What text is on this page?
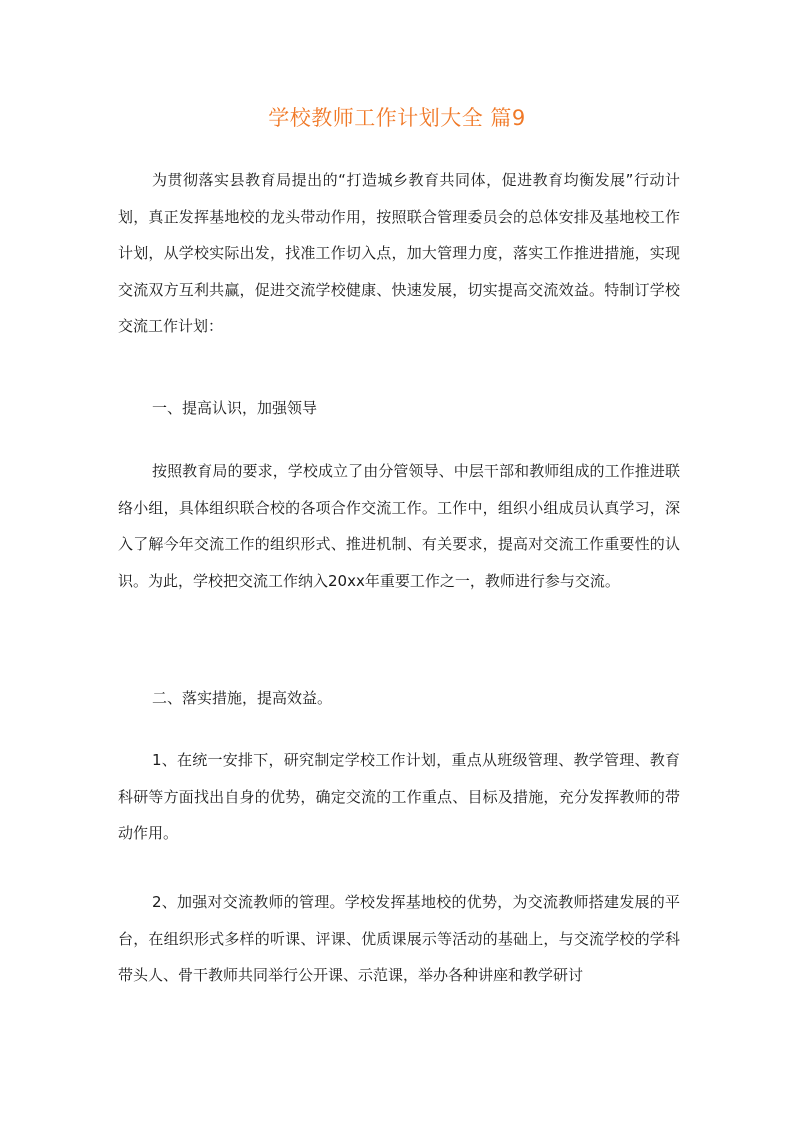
学校教师工作计划大全 篇9
为贯彻落实县教育局提出的“打造城乡教育共同体，促进教育均衡发展”行动计划，真正发挥基地校的龙头带动作用，按照联合管理委员会的总体安排及基地校工作计划，从学校实际出发，找准工作切入点，加大管理力度，落实工作推进措施，实现交流双方互利共赢，促进交流学校健康、快速发展，切实提高交流效益。特制订学校交流工作计划：
一、提高认识，加强领导
按照教育局的要求，学校成立了由分管领导、中层干部和教师组成的工作推进联络小组，具体组织联合校的各项合作交流工作。工作中，组织小组成员认真学习，深入了解今年交流工作的组织形式、推进机制、有关要求，提高对交流工作重要性的认识。为此，学校把交流工作纳入20xx年重要工作之一，教师进行参与交流。
二、落实措施，提高效益。
1、在统一安排下，研究制定学校工作计划，重点从班级管理、教学管理、教育科研等方面找出自身的优势，确定交流的工作重点、目标及措施，充分发挥教师的带动作用。
2、加强对交流教师的管理。学校发挥基地校的优势，为交流教师搭建发展的平台，在组织形式多样的听课、评课、优质课展示等活动的基础上，与交流学校的学科带头人、骨干教师共同举行公开课、示范课，举办各种讲座和教学研讨
